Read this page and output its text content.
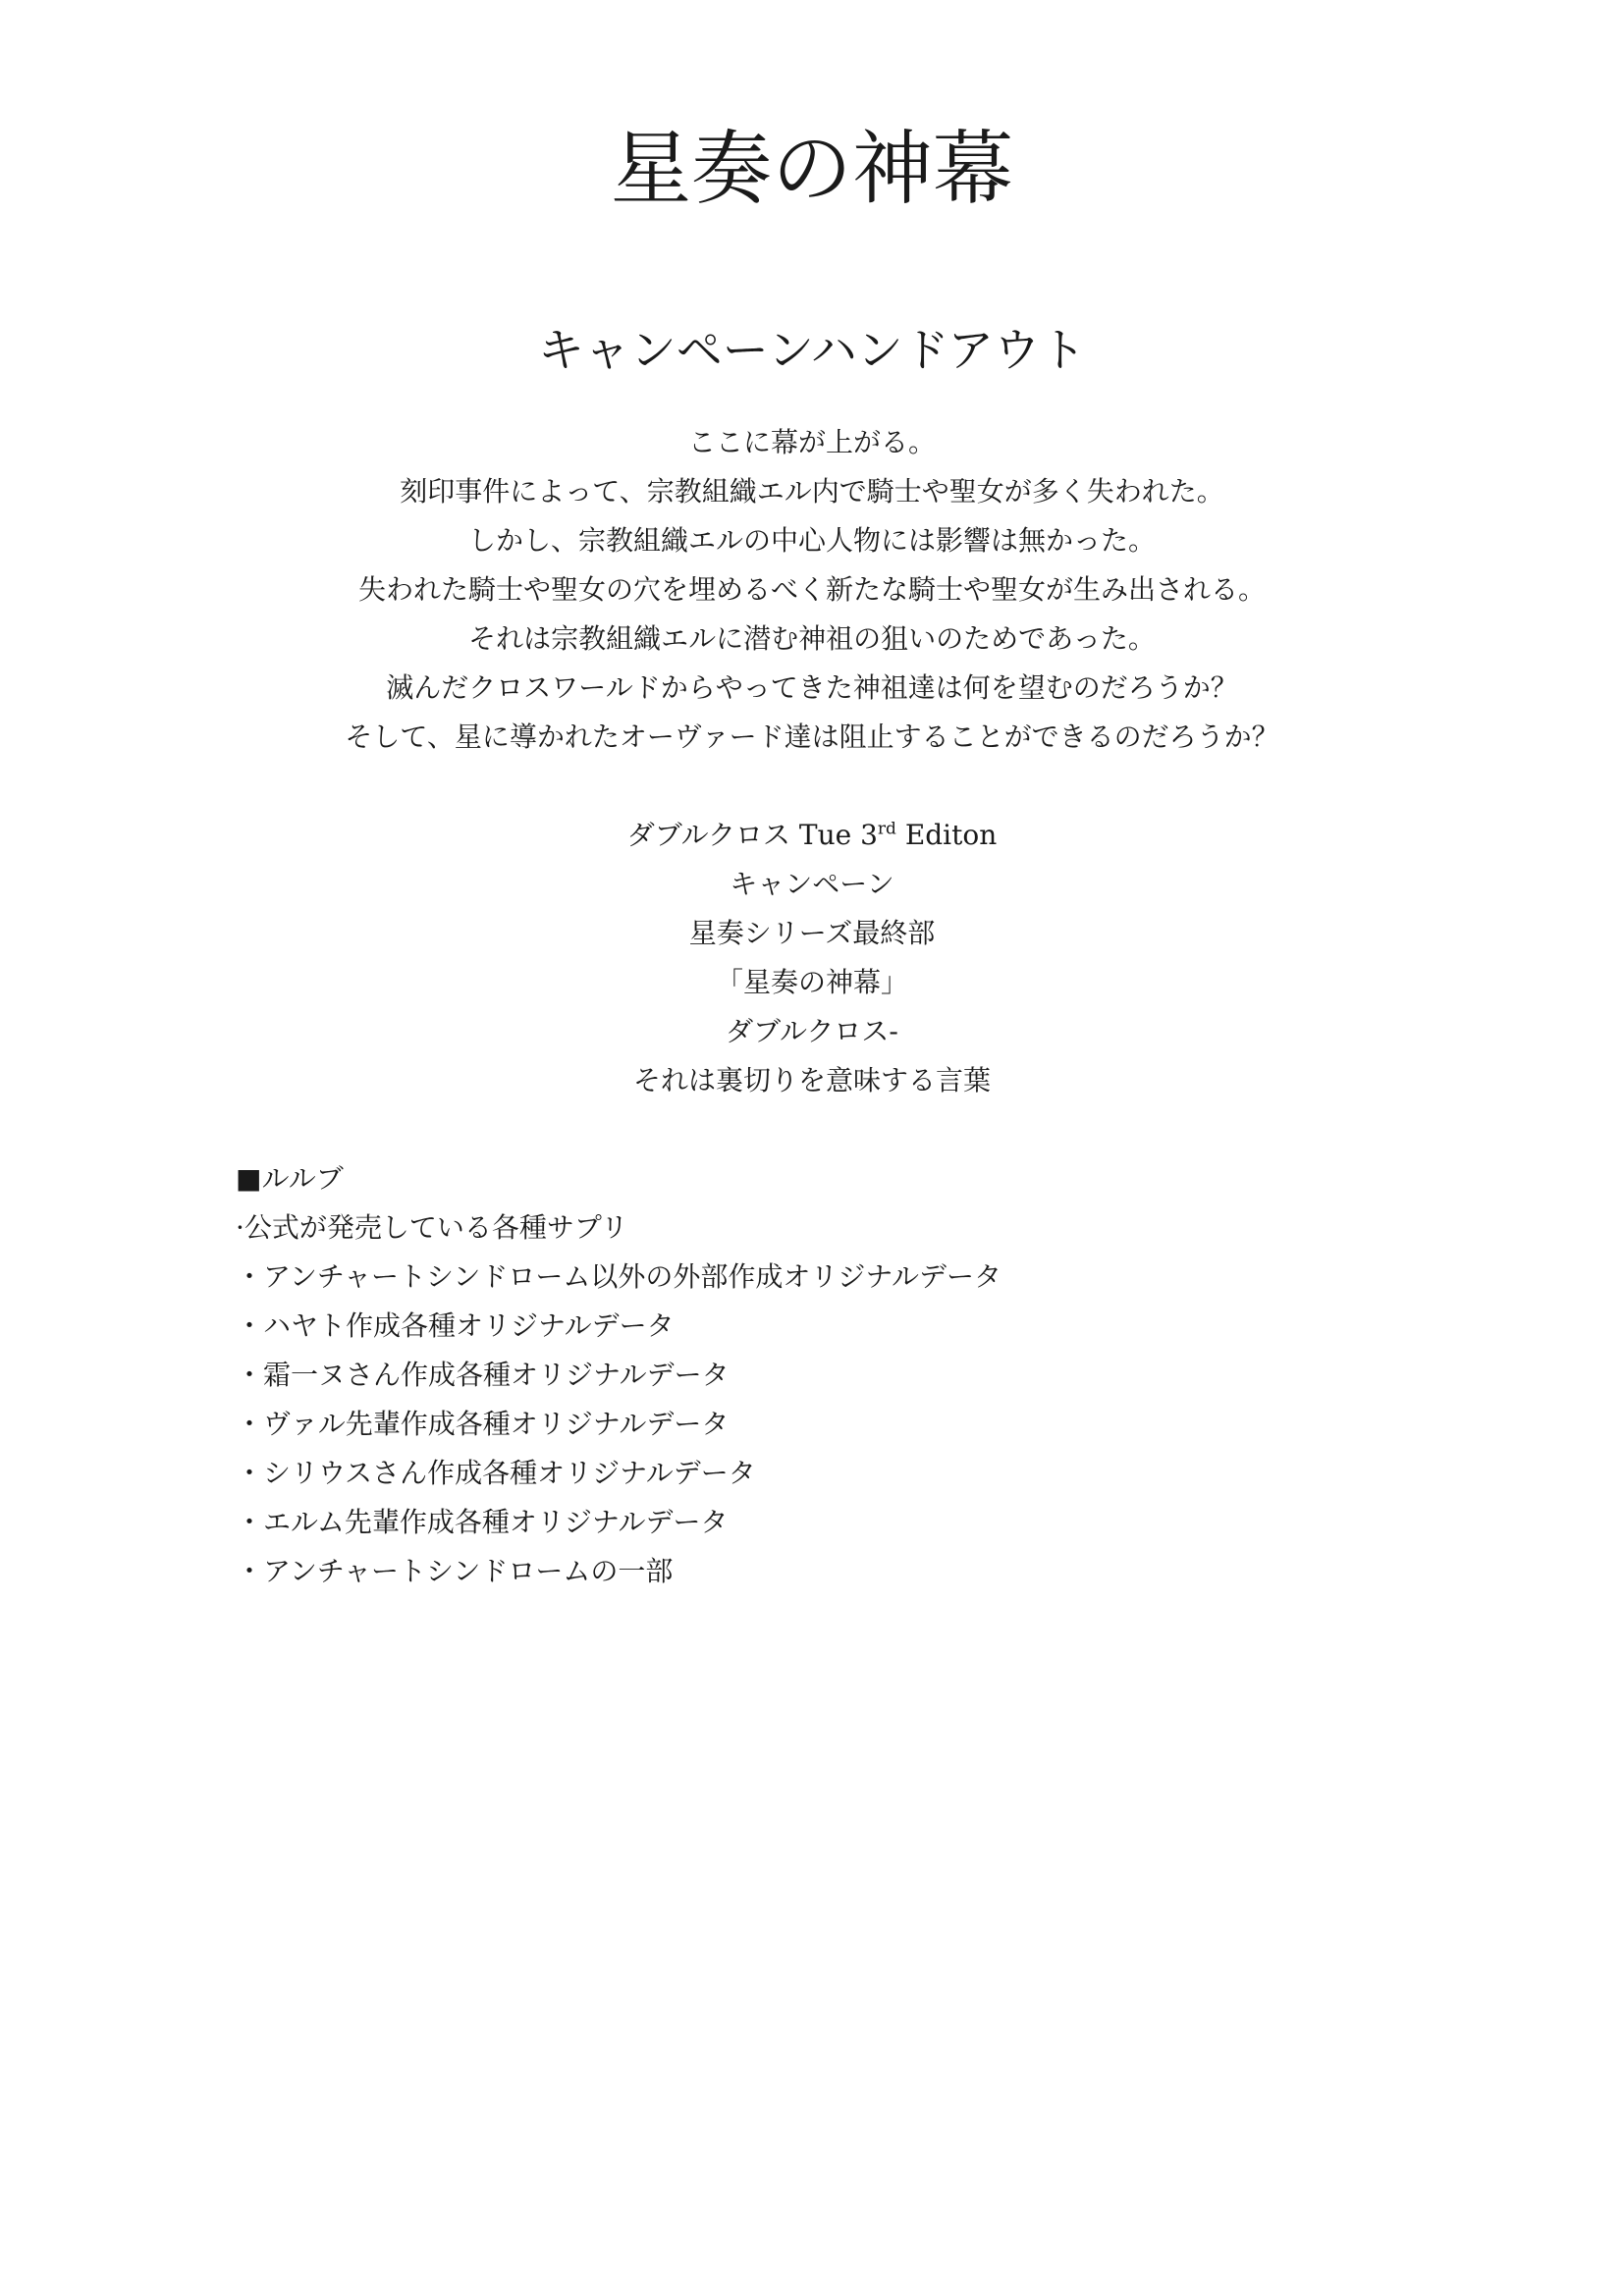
星奏の神幕
キャンペーンハンドアウト
ここに幕が上がる。
刻印事件によって、宗教組織エル内で騎士や聖女が多く失われた。
しかし、宗教組織エルの中心人物には影響は無かった。
失われた騎士や聖女の穴を埋めるべく新たな騎士や聖女が生み出される。
それは宗教組織エルに潜む神祖の狙いのためであった。
滅んだクロスワールドからやってきた神祖達は何を望むのだろうか？
そして、星に導かれたオーヴァード達は阻止することができるのだろうか？
ダブルクロス Tue 3rd Editon
キャンペーン
星奏シリーズ最終部
「星奏の神幕」
ダブルクロス-
それは裏切りを意味する言葉
■ルルブ
·公式が発売している各種サプリ
・アンチャートシンドローム以外の外部作成オリジナルデータ
・ハヤト作成各種オリジナルデータ
・霜一ヌさん作成各種オリジナルデータ
・ヴァル先輩作成各種オリジナルデータ
・シリウスさん作成各種オリジナルデータ
・エルム先輩作成各種オリジナルデータ
・アンチャートシンドロームの一部
